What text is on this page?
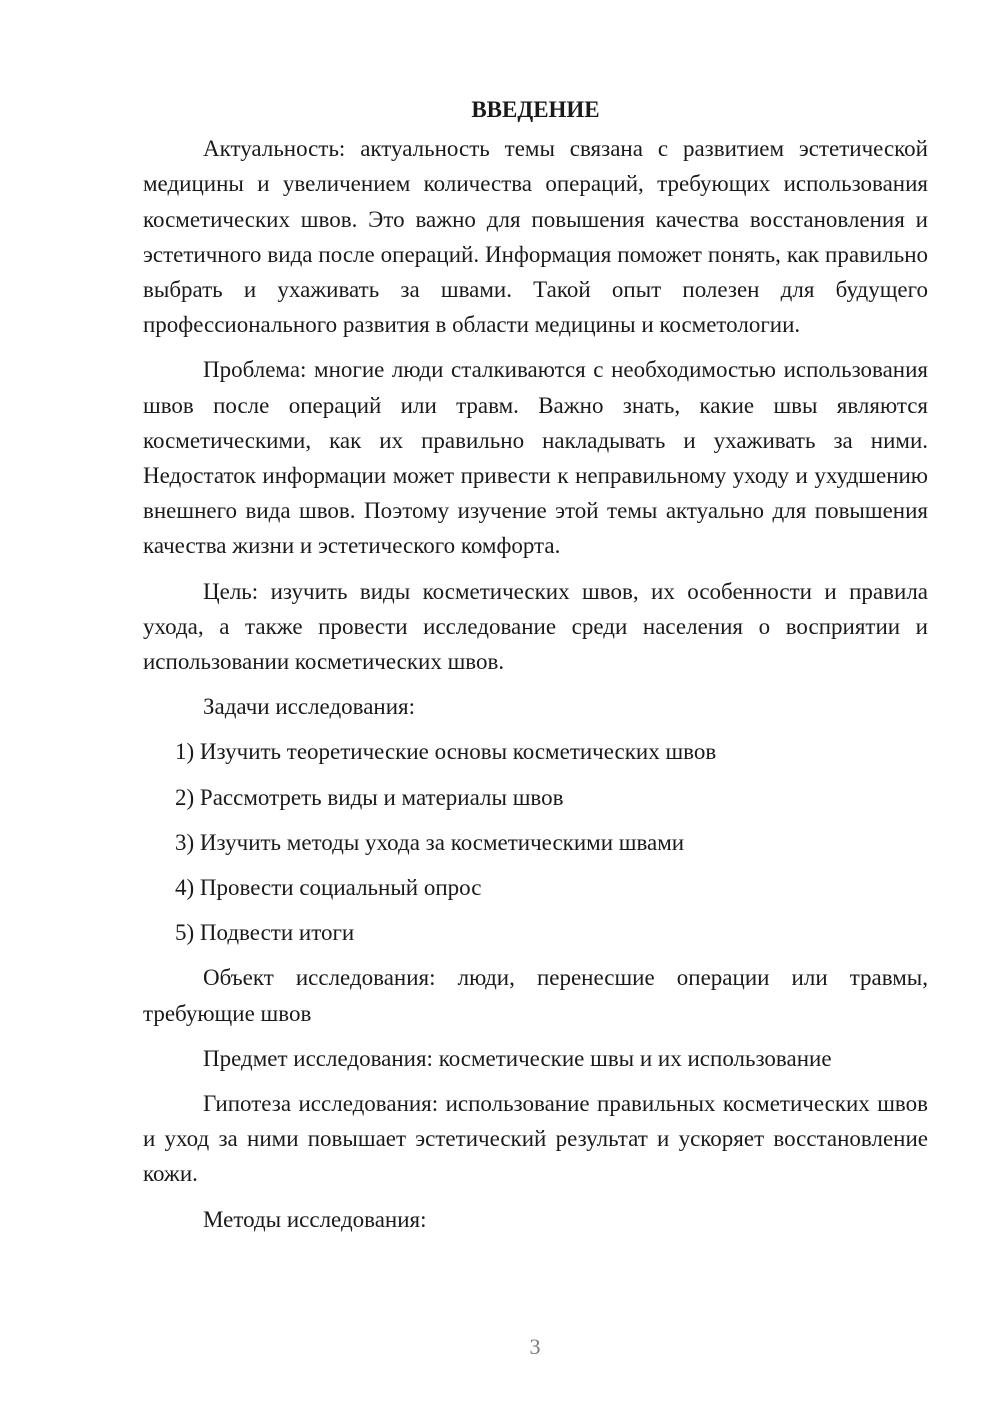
ВВЕДЕНИЕ

Актуальность: актуальность темы связана с развитием эстетической медицины и увеличением количества операций, требующих использования косметических швов. Это важно для повышения качества восстановления и эстетичного вида после операций. Информация поможет понять, как правильно выбрать и ухаживать за швами. Такой опыт полезен для будущего профессионального развития в области медицины и косметологии.

Проблема: многие люди сталкиваются с необходимостью использования швов после операций или травм. Важно знать, какие швы являются косметическими, как их правильно накладывать и ухаживать за ними. Недостаток информации может привести к неправильному уходу и ухудшению внешнего вида швов. Поэтому изучение этой темы актуально для повышения качества жизни и эстетического комфорта.

Цель: изучить виды косметических швов, их особенности и правила ухода, а также провести исследование среди населения о восприятии и использовании косметических швов.

Задачи исследования:

1) Изучить теоретические основы косметических швов
2) Рассмотреть виды и материалы швов
3) Изучить методы ухода за косметическими швами
4) Провести социальный опрос
5) Подвести итоги

Объект исследования: люди, перенесшие операции или травмы, требующие швов

Предмет исследования: косметические швы и их использование

Гипотеза исследования: использование правильных косметических швов и уход за ними повышает эстетический результат и ускоряет восстановление кожи.

Методы исследования:

3
